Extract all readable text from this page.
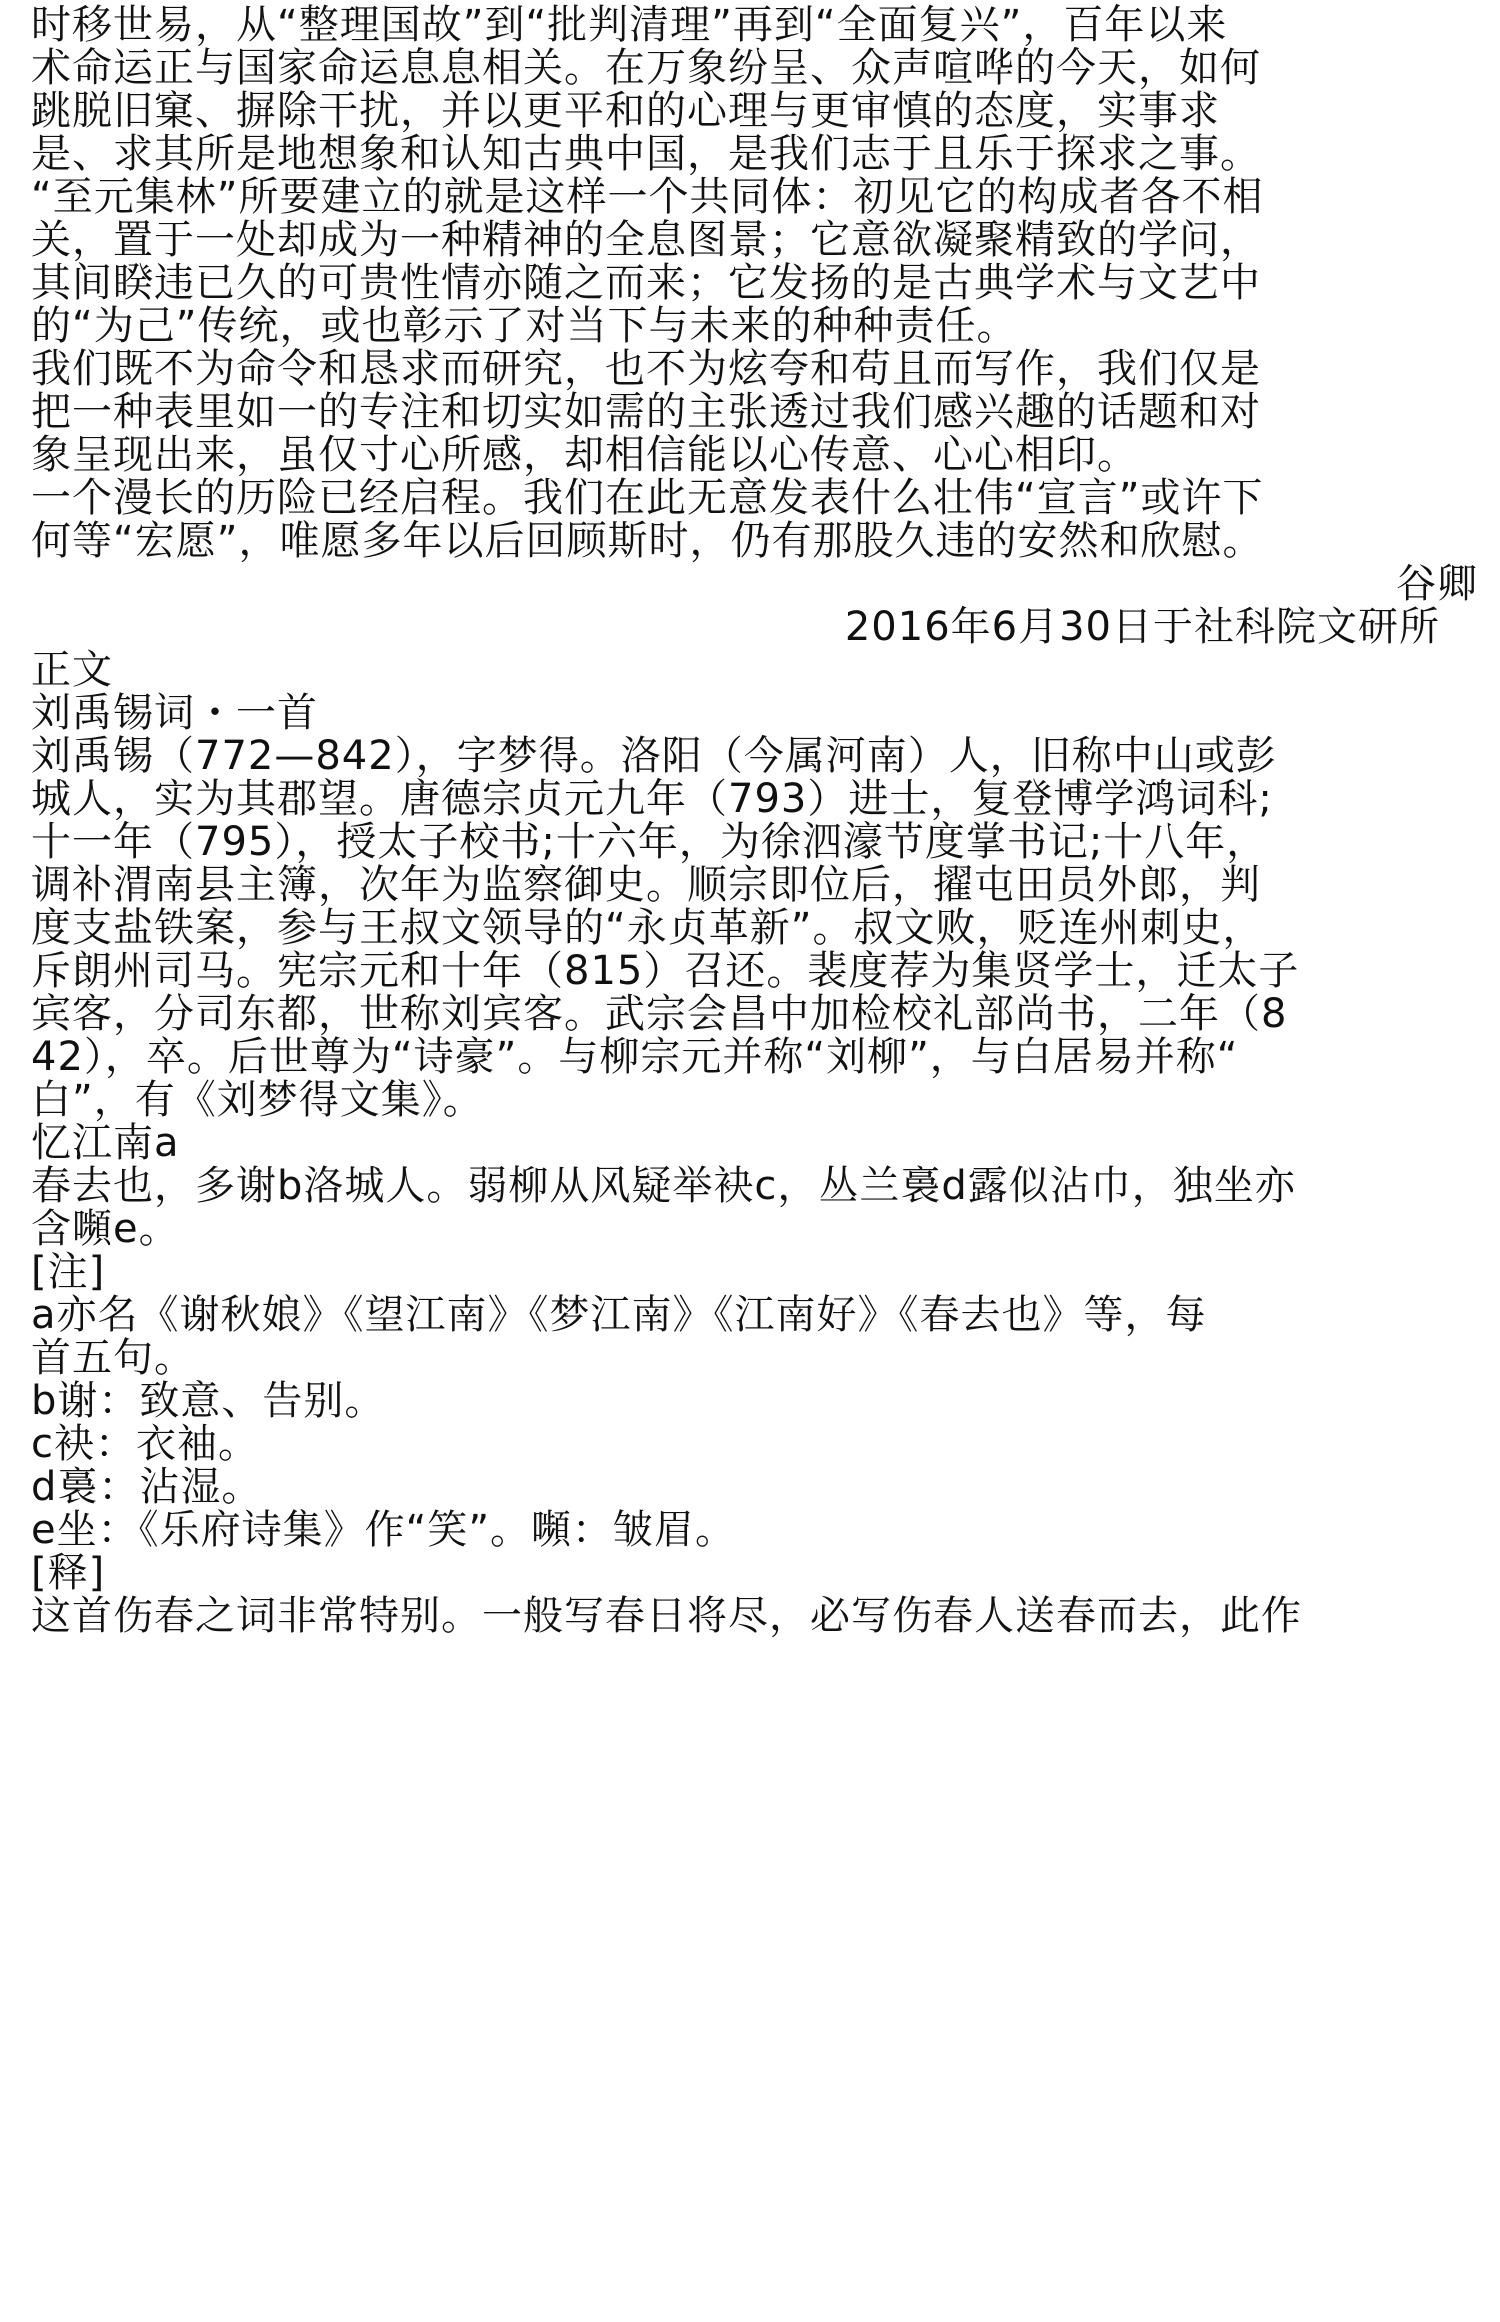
时移世易，从“整理国故”到“批判清理”再到“全面复兴”，百年以来

术命运正与国家命运息息相关。在万象纷呈、众声喧哗的今天，如何

跳脱旧窠、摒除干扰，并以更平和的心理与更审慎的态度，实事求

是、求其所是地想象和认知古典中国，是我们志于且乐于探求之事。

“至元集林”所要建立的就是这样一个共同体：初见它的构成者各不相

关，置于一处却成为一种精神的全息图景；它意欲凝聚精致的学问，

其间睽违已久的可贵性情亦随之而来；它发扬的是古典学术与文艺中

的“为己”传统，或也彰示了对当下与未来的种种责任。

我们既不为命令和恳求而研究，也不为炫夸和苟且而写作，我们仅是

把一种表里如一的专注和切实如需的主张透过我们感兴趣的话题和对

象呈现出来，虽仅寸心所感，却相信能以心传意、心心相印。

一个漫长的历险已经启程。我们在此无意发表什么壮伟“宣言”或许下

何等“宏愿”，唯愿多年以后回顾斯时，仍有那股久违的安然和欣慰。

谷卿

2016年6月30日于社科院文研所

正文

刘禹锡词・一首

刘禹锡（772—842），字梦得。洛阳（今属河南）人，旧称中山或彭

城人，实为其郡望。唐德宗贞元九年（793）进士，复登博学鸿词科;

十一年（795），授太子校书;十六年，为徐泗濠节度掌书记;十八年，

调补渭南县主簿，次年为监察御史。顺宗即位后，擢屯田员外郎，判

度支盐铁案，参与王叔文领导的“永贞革新”。叔文败，贬连州刺史，

斥朗州司马。宪宗元和十年（815）召还。裴度荐为集贤学士，迁太子

宾客，分司东都，世称刘宾客。武宗会昌中加检校礼部尚书，二年（8

42），卒。后世尊为“诗豪”。与柳宗元并称“刘柳”，与白居易并称“

白”，有《刘梦得文集》。

忆江南a

春去也，多谢b洛城人。弱柳从风疑举袂c，丛兰裛d露似沾巾，独坐亦

含嚬e。

[注]

a亦名《谢秋娘》《望江南》《梦江南》《江南好》《春去也》等，每

首五句。

b谢：致意、告别。

c袂：衣袖。

d裛：沾湿。

e坐：《乐府诗集》作“笑”。嚬：皱眉。

[释]

这首伤春之词非常特别。一般写春日将尽，必写伤春人送春而去，此作
